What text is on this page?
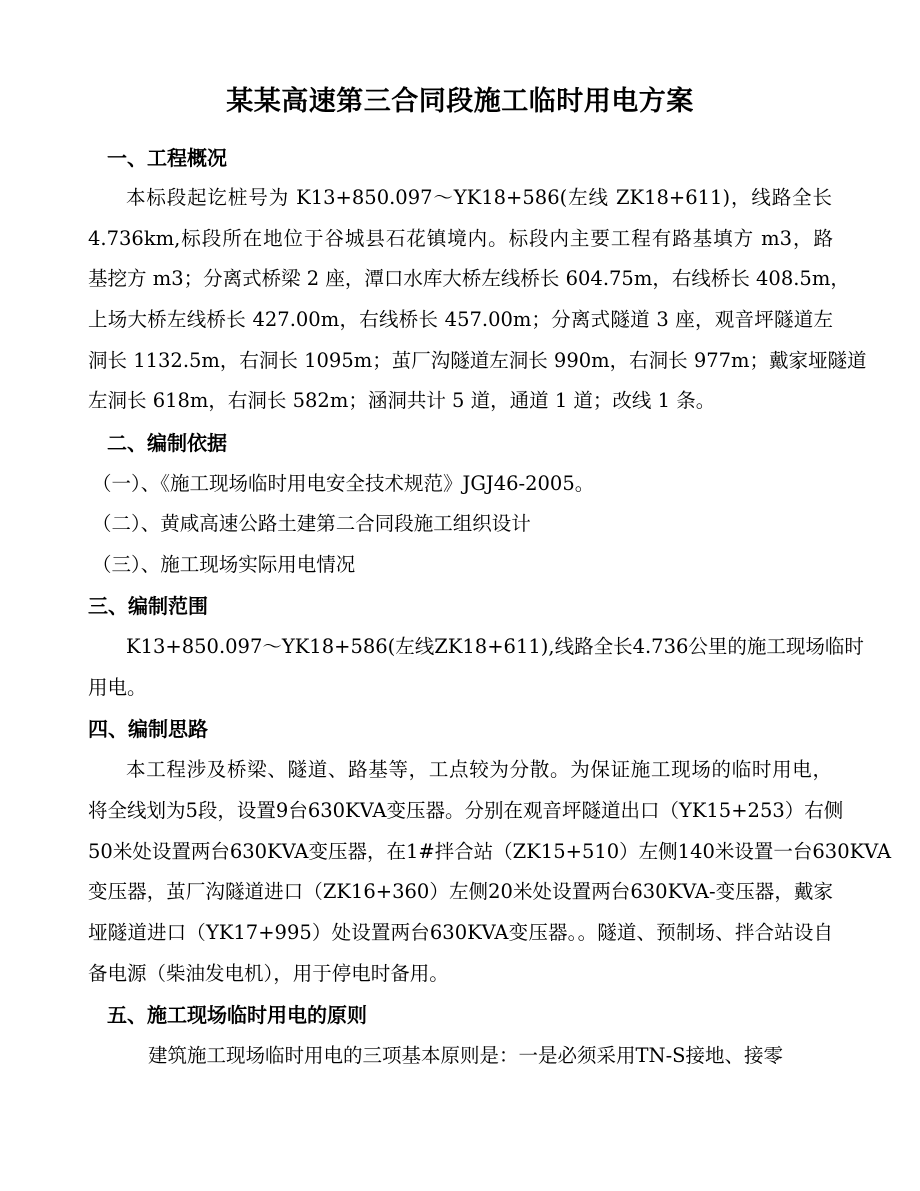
某某高速第三合同段施工临时用电方案
一、工程概况
本标段起讫桩号为 K13+850.097～YK18+586(左线 ZK18+611)，线路全长
4.736km,标段所在地位于谷城县石花镇境内。标段内主要工程有路基填方 m3，路
基挖方 m3；分离式桥梁 2 座，潭口水库大桥左线桥长 604.75m，右线桥长 408.5m，
上场大桥左线桥长 427.00m，右线桥长 457.00m；分离式隧道 3 座，观音坪隧道左
洞长 1132.5m，右洞长 1095m；茧厂沟隧道左洞长 990m，右洞长 977m；戴家垭隧道
左洞长 618m，右洞长 582m；涵洞共计 5 道，通道 1 道；改线 1 条。
二、编制依据
（一）、《施工现场临时用电安全技术规范》JGJ46-2005。
（二）、黄咸高速公路土建第二合同段施工组织设计
（三）、施工现场实际用电情况
三、编制范围
K13+850.097～YK18+586(左线ZK18+611),线路全长4.736公里的施工现场临时
用电。
四、编制思路
本工程涉及桥梁、隧道、路基等，工点较为分散。为保证施工现场的临时用电，
将全线划为5段，设置9台630KVA变压器。分别在观音坪隧道出口（YK15+253）右侧
50米处设置两台630KVA变压器，在1#拌合站（ZK15+510）左侧140米设置一台630KVA
变压器，茧厂沟隧道进口（ZK16+360）左侧20米处设置两台630KVA-变压器，戴家
垭隧道进口（YK17+995）处设置两台630KVA变压器。。隧道、预制场、拌合站设自
备电源（柴油发电机），用于停电时备用。
五、施工现场临时用电的原则
建筑施工现场临时用电的三项基本原则是：一是必须采用TN-S接地、接零
